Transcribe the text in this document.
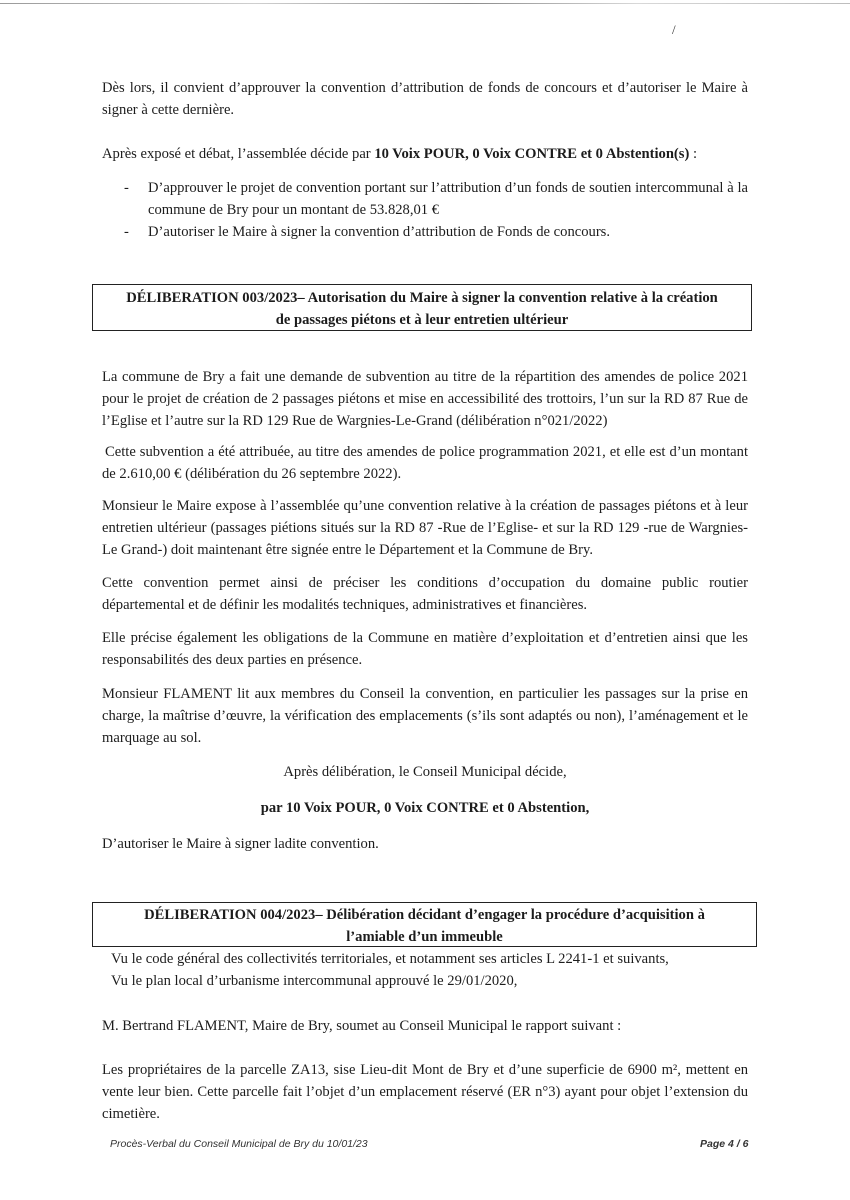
/

Dès lors, il convient d’approuver la convention d’attribution de fonds de concours et d’autoriser le Maire à signer à cette dernière.

Après exposé et débat, l’assemblée décide par 10 Voix POUR, 0 Voix CONTRE et 0 Abstention(s) :

- D’approuver le projet de convention portant sur l’attribution d’un fonds de soutien intercommunal à la commune de Bry pour un montant de 53.828,01 €
- D’autoriser le Maire à signer la convention d’attribution de Fonds de concours.
DÉLIBERATION 003/2023– Autorisation du Maire à signer la convention relative à la création
de passages piétons et à leur entretien ultérieur

La commune de Bry a fait une demande de subvention au titre de la répartition des amendes de police 2021 pour le projet de création de 2 passages piétons et mise en accessibilité des trottoirs, l’un sur la RD 87 Rue de l’Eglise et l’autre sur la RD 129 Rue de Wargnies-Le-Grand (délibération n°021/2022)

Cette subvention a été attribuée, au titre des amendes de police programmation 2021, et elle est d’un montant de 2.610,00 € (délibération du 26 septembre 2022).

Monsieur le Maire expose à l’assemblée qu’une convention relative à la création de passages piétons et à leur entretien ultérieur (passages piétions situés sur la RD 87 -Rue de l’Eglise- et sur la RD 129 -rue de Wargnies-Le Grand-) doit maintenant être signée entre le Département et la Commune de Bry.

Cette convention permet ainsi de préciser les conditions d’occupation du domaine public routier départemental et de définir les modalités techniques, administratives et financières.

Elle précise également les obligations de la Commune en matière d’exploitation et d’entretien ainsi que les responsabilités des deux parties en présence.

Monsieur FLAMENT lit aux membres du Conseil la convention, en particulier les passages sur la prise en charge, la maîtrise d’œuvre, la vérification des emplacements (s’ils sont adaptés ou non), l’aménagement et le marquage au sol.

Après délibération, le Conseil Municipal décide,

par 10 Voix POUR, 0 Voix CONTRE et 0 Abstention,

D’autoriser le Maire à signer ladite convention.

DÉLIBERATION 004/2023– Délibération décidant d’engager la procédure d’acquisition à
l’amiable d’un immeuble

Vu le code général des collectivités territoriales, et notamment ses articles L 2241-1 et suivants,

Vu le plan local d’urbanisme intercommunal approuvé le 29/01/2020,

M. Bertrand FLAMENT, Maire de Bry, soumet au Conseil Municipal le rapport suivant :

Les propriétaires de la parcelle ZA13, sise Lieu-dit Mont de Bry et d’une superficie de 6900 m², mettent en vente leur bien. Cette parcelle fait l’objet d’un emplacement réservé (ER n°3) ayant pour objet l’extension du cimetière.

Procès-Verbal du Conseil Municipal de Bry du 10/01/23	Page 4 / 6
